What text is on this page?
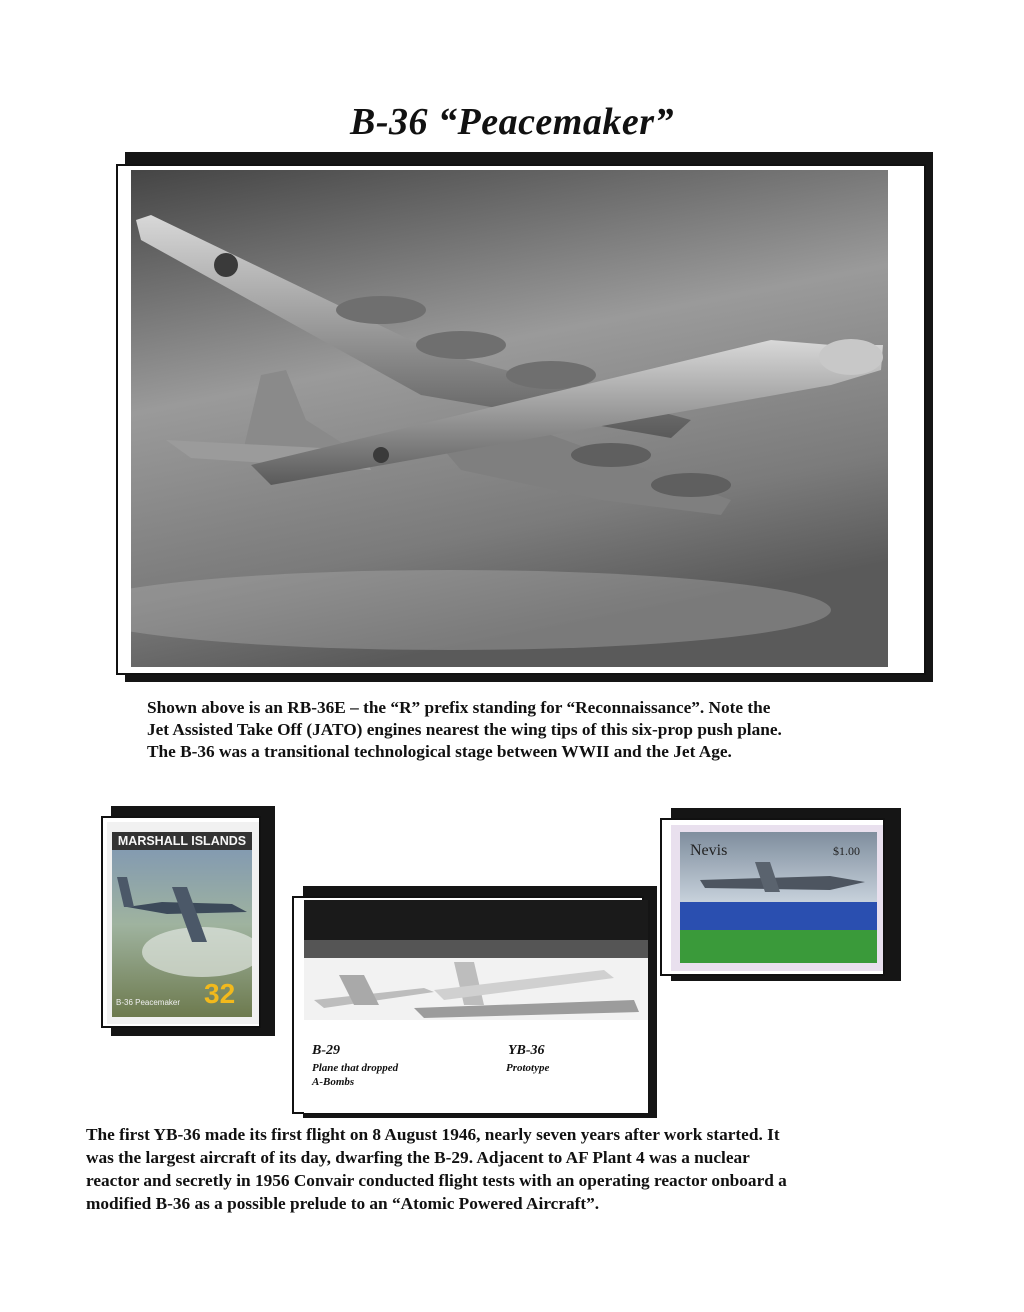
B-36 “Peacemaker”
Shown above is an RB-36E – the “R” prefix standing for “Reconnaissance”. Note the
Jet Assisted Take Off (JATO) engines nearest the wing tips of this six-prop push plane.
The B-36 was a transitional technological stage between WWII and the Jet Age.
MARSHALL ISLANDS
B-36 Peacemaker 32
B-29
Plane that dropped
A-Bombs
YB-36
Prototype
Nevis	$1.00
The first YB-36 made its first flight on 8 August 1946, nearly seven years after work started. It
was the largest aircraft of its day, dwarfing the B-29. Adjacent to AF Plant 4 was a nuclear
reactor and secretly in 1956 Convair conducted flight tests with an operating reactor onboard a
modified B-36 as a possible prelude to an “Atomic Powered Aircraft”.
